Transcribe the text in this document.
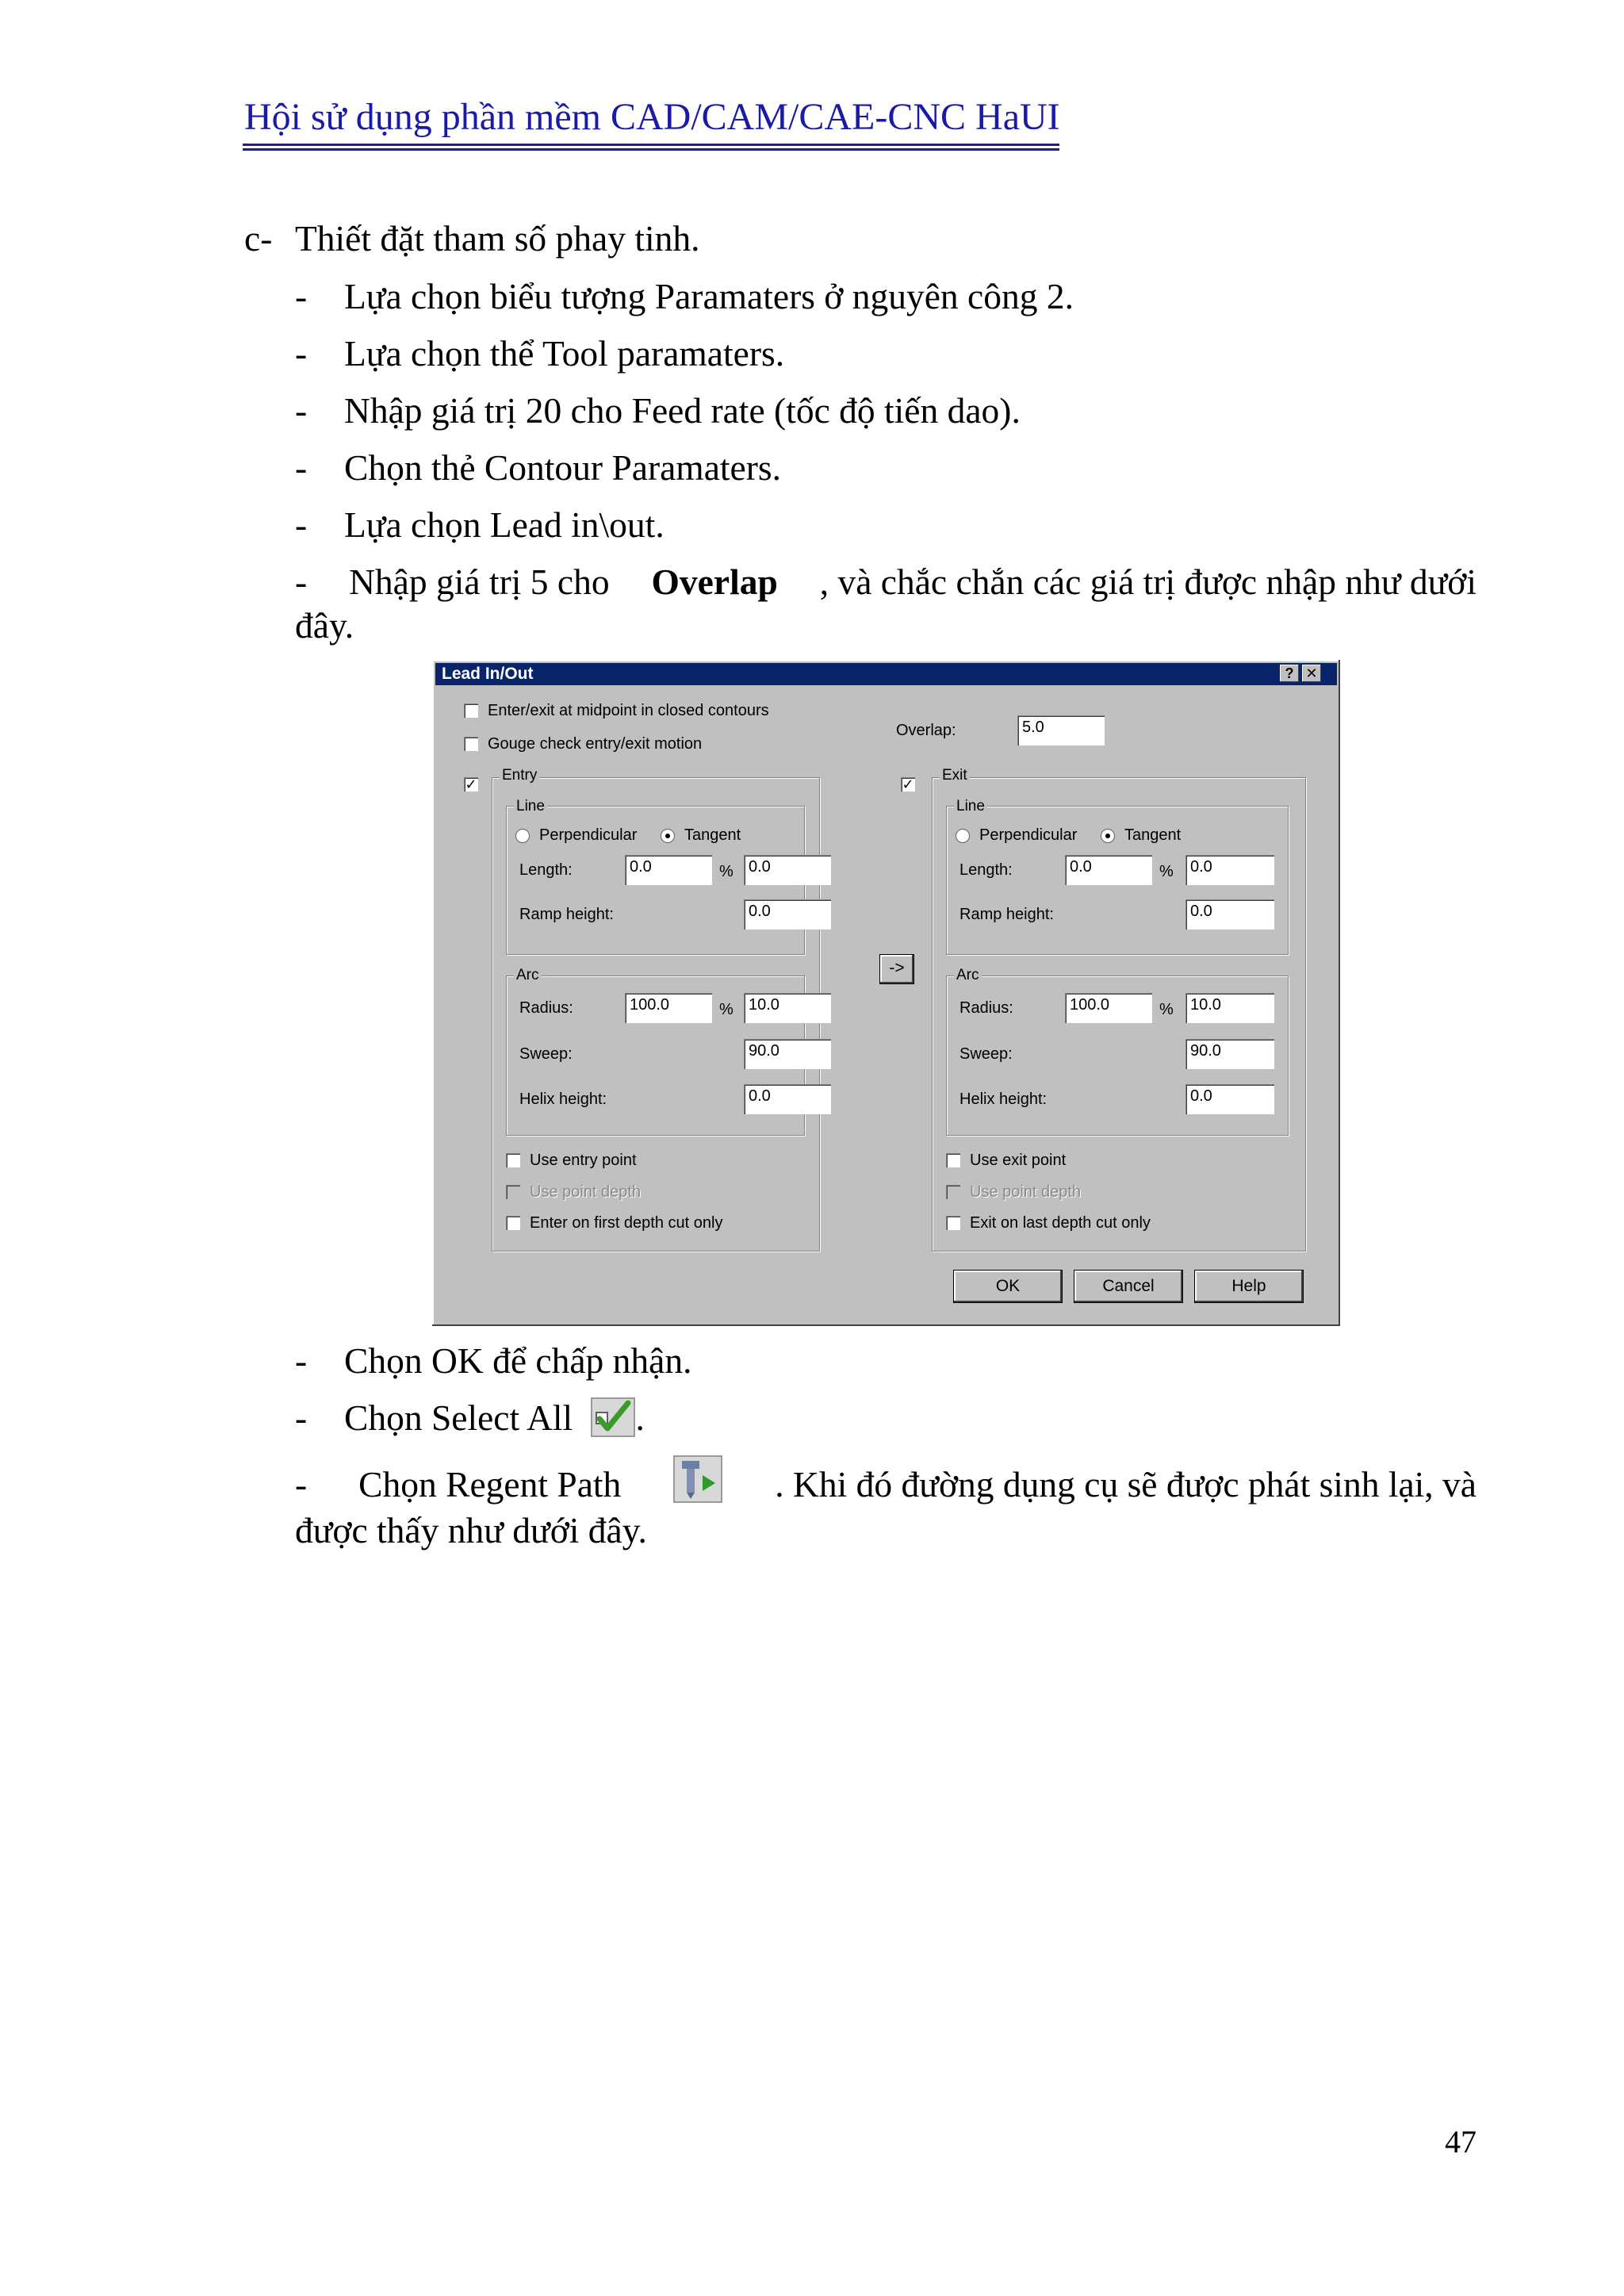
Hội sử dụng phần mềm CAD/CAM/CAE-CNC HaUI
c- Thiết đặt tham số phay tinh.
- Lựa chọn biểu tượng Paramaters ở nguyên công 2.
- Lựa chọn thể Tool paramaters.
- Nhập giá trị 20 cho Feed rate (tốc độ tiến dao).
- Chọn thẻ Contour Paramaters.
- Lựa chọn Lead in\out.
- Nhập giá trị 5 cho Overlap , và chắc chắn các giá trị được nhập như dưới
đây.
Lead In/Out	? ✕
Enter/exit at midpoint in closed contours
Gouge check entry/exit motion
Overlap:	5.0
✓
Entry
Line
Perpendicular	Tangent
Length:	0.0	% 0.0
Ramp height:	0.0
Arc
Radius:	100.0	% 10.0
Sweep:	90.0
Helix height:	0.0
Use entry point
Use point depth
Enter on first depth cut only
->
✓
Exit
Line
Perpendicular	Tangent
Length:	0.0	%	0.0
Ramp height:	0.0
Arc
Radius:	100.0	%	10.0
Sweep:	90.0
Helix height:	0.0
Use exit point
Use point depth
Exit on last depth cut only
OK	Cancel	Help
- Chọn OK để chấp nhận.
- Chọn Select All .
- Chọn Regent Path	. Khi đó đường dụng cụ sẽ được phát sinh lại, và
được thấy như dưới đây.
47
